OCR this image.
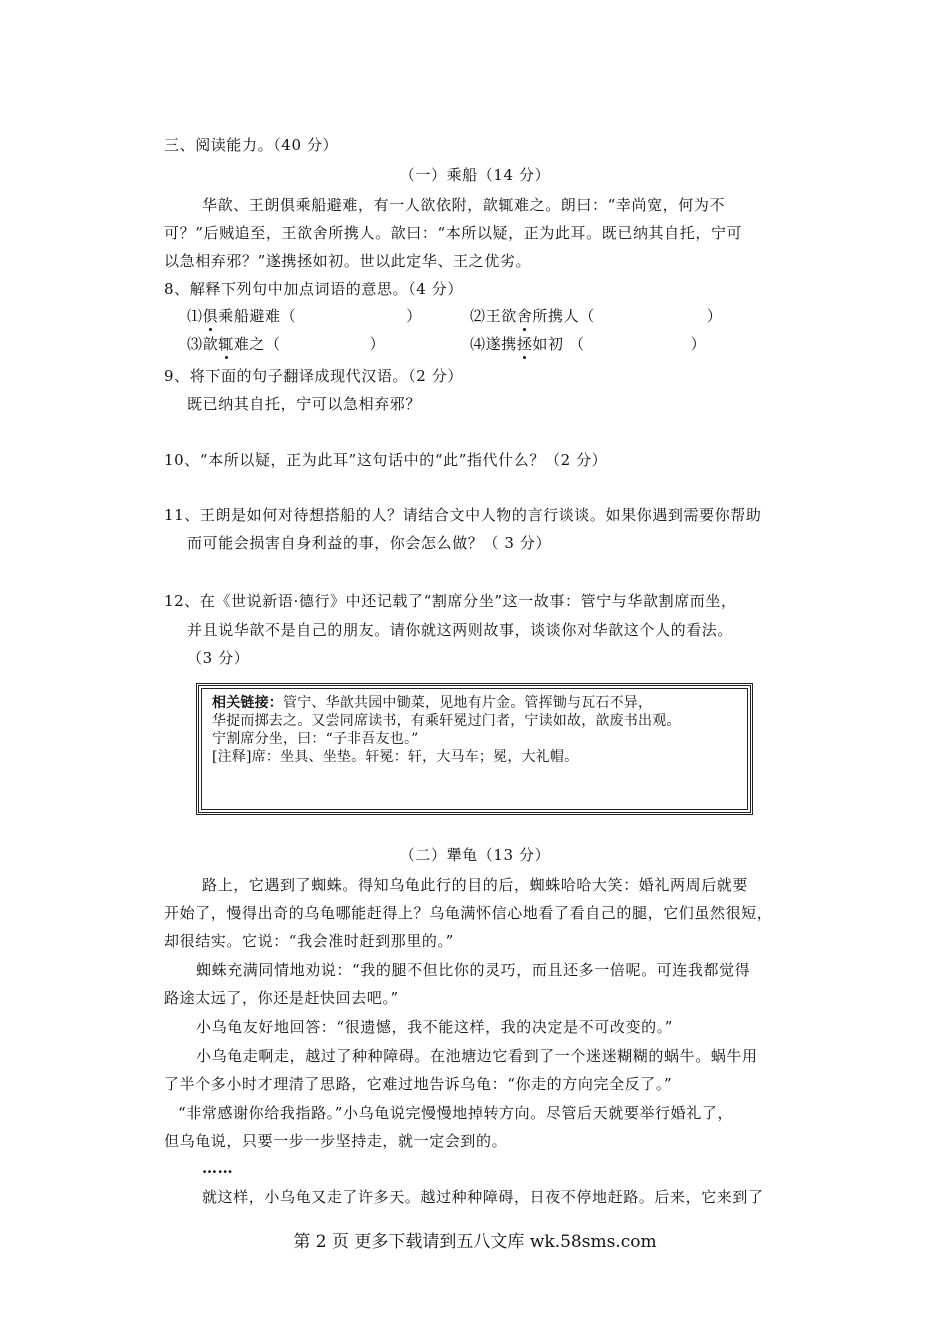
三、阅读能力。（40 分）
（一）乘船（14 分）
华歆、王朗俱乘船避难，有一人欲依附，歆辄难之。朗曰：“幸尚宽，何为不
可？”后贼追至，王欲舍所携人。歆曰：“本所以疑，正为此耳。既已纳其自托，宁可
以急相弃邪？”遂携拯如初。世以此定华、王之优劣。
8、解释下列句中加点词语的意思。（4 分）
⑴俱乘船避难（	）	⑵王欲舍所携人（	）
⑶歆辄难之（	）	⑷遂携拯如初 （	）
9、将下面的句子翻译成现代汉语。（2 分）
既已纳其自托，宁可以急相弃邪？
10、“本所以疑，正为此耳”这句话中的“此”指代什么？（2 分）
11、王朗是如何对待想搭船的人？请结合文中人物的言行谈谈。如果你遇到需要你帮助
而可能会损害自身利益的事，你会怎么做？（ 3 分）
12、在《世说新语·德行》中还记载了“割席分坐”这一故事：管宁与华歆割席而坐，
并且说华歆不是自己的朋友。请你就这两则故事，谈谈你对华歆这个人的看法。
（3 分）
相关链接：管宁、华歆共园中锄菜，见地有片金。管挥锄与瓦石不异，
华捉而掷去之。又尝同席读书，有乘轩冕过门者，宁读如故，歆废书出观。
宁割席分坐，曰：“子非吾友也。”
[注释]席：坐具、坐垫。轩冕：轩，大马车；冕，大礼帽。
（二）犟龟（13 分）
路上，它遇到了蜘蛛。得知乌龟此行的目的后，蜘蛛哈哈大笑：婚礼两周后就要
开始了，慢得出奇的乌龟哪能赶得上？乌龟满怀信心地看了看自己的腿，它们虽然很短，
却很结实。它说：“我会准时赶到那里的。”
蜘蛛充满同情地劝说：“我的腿不但比你的灵巧，而且还多一倍呢。可连我都觉得
路途太远了，你还是赶快回去吧。”
小乌龟友好地回答：“很遗憾，我不能这样，我的决定是不可改变的。”
小乌龟走啊走，越过了种种障碍。在池塘边它看到了一个迷迷糊糊的蜗牛。蜗牛用
了半个多小时才理清了思路，它难过地告诉乌龟：“你走的方向完全反了。”
“非常感谢你给我指路。”小乌龟说完慢慢地掉转方向。尽管后天就要举行婚礼了，
但乌龟说，只要一步一步坚持走，就一定会到的。
……
就这样，小乌龟又走了许多天。越过种种障碍，日夜不停地赶路。后来，它来到了
第 2 页 更多下载请到五八文库 wk.58sms.com
